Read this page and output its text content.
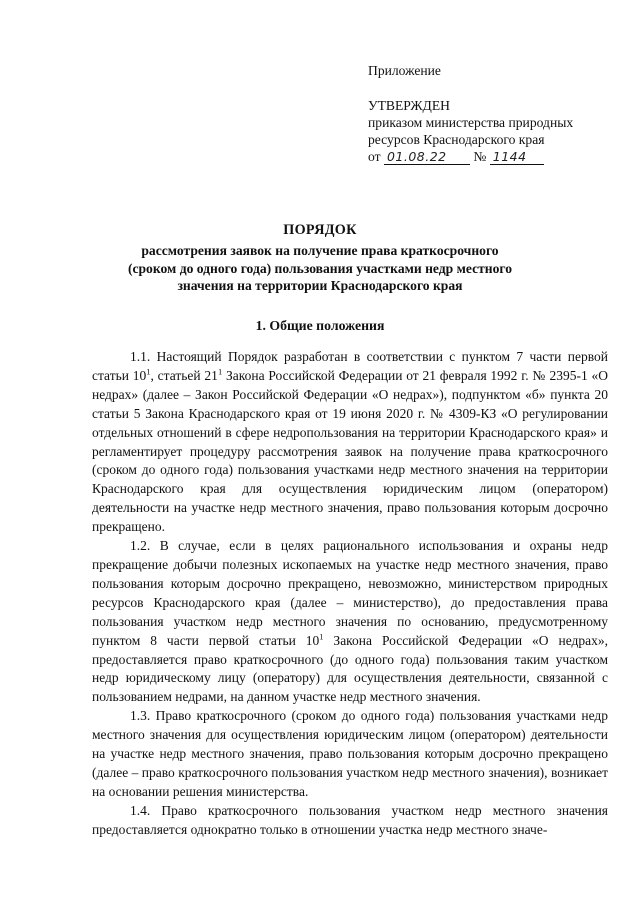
Приложение

УТВЕРЖДЕН

приказом министерства природных

ресурсов Краснодарского края

от 01.08.22 № 1144

ПОРЯДОК

рассмотрения заявок на получение права краткосрочного

(сроком до одного года) пользования участками недр местного

значения на территории Краснодарского края

1. Общие положения

1.1. Настоящий Порядок разработан в соответствии с пунктом 7 части первой статьи $10^1$, статьей $21^1$ Закона Российской Федерации от 21 февраля 1992 г. № 2395-1 «О недрах» (далее – Закон Российской Федерации «О недрах»), подпунктом «б» пункта 20 статьи 5 Закона Краснодарского края от 19 июня 2020 г. № 4309-КЗ «О регулировании отдельных отношений в сфере недропользования на территории Краснодарского края» и регламентирует процедуру рассмотрения заявок на получение права краткосрочного (сроком до одного года) пользования участками недр местного значения на территории Краснодарского края для осуществления юридическим лицом (оператором) деятельности на участке недр местного значения, право пользования которым досрочно прекращено.

1.2. В случае, если в целях рационального использования и охраны недр прекращение добычи полезных ископаемых на участке недр местного значения, право пользования которым досрочно прекращено, невозможно, министерством природных ресурсов Краснодарского края (далее – министерство), до предоставления права пользования участком недр местного значения по основанию, предусмотренному пунктом 8 части первой статьи $10^1$ Закона Российской Федерации «О недрах», предоставляется право краткосрочного (до одного года) пользования таким участком недр юридическому лицу (оператору) для осуществления деятельности, связанной с пользованием недрами, на данном участке недр местного значения.

1.3. Право краткосрочного (сроком до одного года) пользования участками недр местного значения для осуществления юридическим лицом (оператором) деятельности на участке недр местного значения, право пользования которым досрочно прекращено (далее – право краткосрочного пользования участком недр местного значения), возникает на основании решения министерства.

1.4. Право краткосрочного пользования участком недр местного значения предоставляется однократно только в отношении участка недр местного значе-
